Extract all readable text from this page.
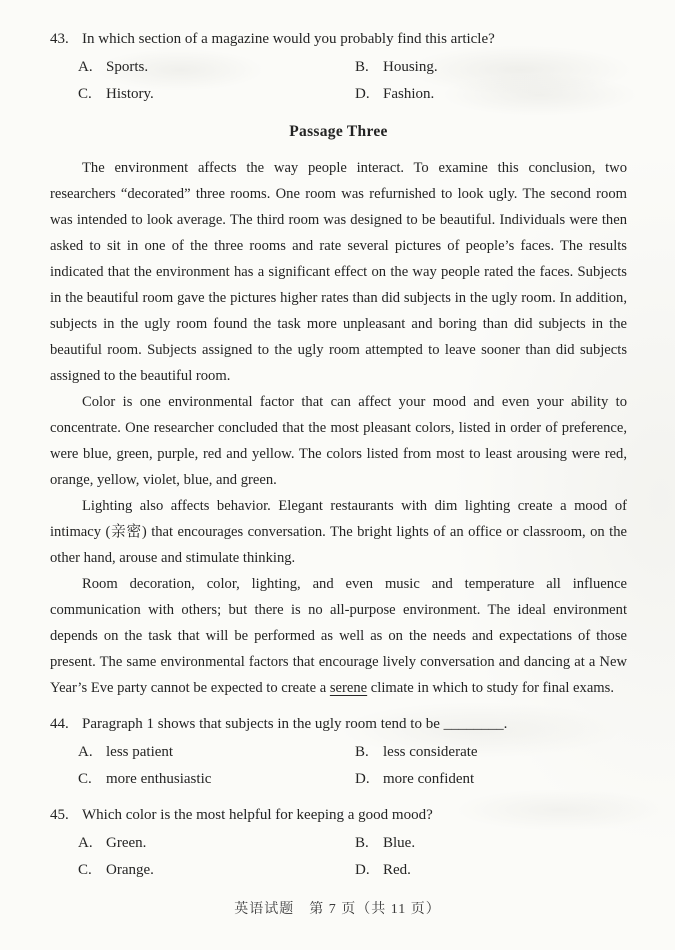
43. In which section of a magazine would you probably find this article?
A. Sports.	B. Housing.
C. History.	D. Fashion.
Passage Three

The environment affects the way people interact. To examine this conclusion, two researchers “decorated” three rooms. One room was refurnished to look ugly. The second room was intended to look average. The third room was designed to be beautiful. Individuals were then asked to sit in one of the three rooms and rate several pictures of people’s faces. The results indicated that the environment has a significant effect on the way people rated the faces. Subjects in the beautiful room gave the pictures higher rates than did subjects in the ugly room. In addition, subjects in the ugly room found the task more unpleasant and boring than did subjects in the beautiful room. Subjects assigned to the ugly room attempted to leave sooner than did subjects assigned to the beautiful room.

Color is one environmental factor that can affect your mood and even your ability to concentrate. One researcher concluded that the most pleasant colors, listed in order of preference, were blue, green, purple, red and yellow. The colors listed from most to least arousing were red, orange, yellow, violet, blue, and green.

Lighting also affects behavior. Elegant restaurants with dim lighting create a mood of intimacy (亲密) that encourages conversation. The bright lights of an office or classroom, on the other hand, arouse and stimulate thinking.

Room decoration, color, lighting, and even music and temperature all influence communication with others; but there is no all-purpose environment. The ideal environment depends on the task that will be performed as well as on the needs and expectations of those present. The same environmental factors that encourage lively conversation and dancing at a New Year’s Eve party cannot be expected to create a serene climate in which to study for final exams.

44. Paragraph 1 shows that subjects in the ugly room tend to be ________.
A. less patient	B. less considerate
C. more enthusiastic	D. more confident
45. Which color is the most helpful for keeping a good mood?
A. Green.	B. Blue.
C. Orange.	D. Red.
英语试题　第 7 页（共 11 页）
